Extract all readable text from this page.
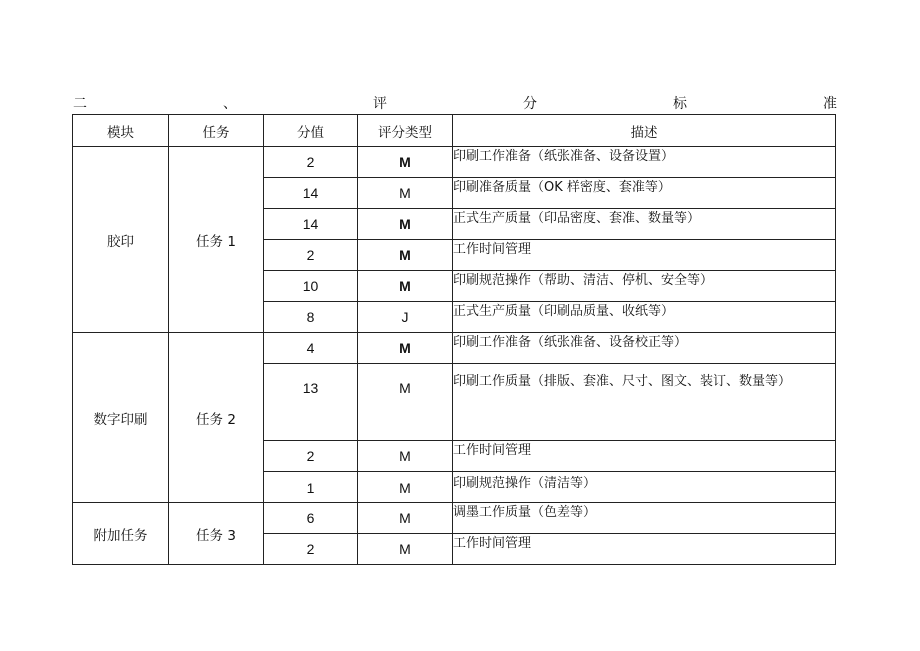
二	、	评	分	标	准
模块	任务	分值	评分类型	描述
胶印	任务 1	2	M	印刷工作准备（纸张准备、设备设置）
		14	M	印刷准备质量（OK 样密度、套准等）
		14	M	正式生产质量（印品密度、套准、数量等）
		2	M	工作时间管理
		10	M	印刷规范操作（帮助、清洁、停机、安全等）
		8	J	正式生产质量（印刷品质量、收纸等）
数字印刷	任务 2	4	M	印刷工作准备（纸张准备、设备校正等）
		13	M	印刷工作质量（排版、套准、尺寸、图文、装订、数量等）
		2	M	工作时间管理
		1	M	印刷规范操作（清洁等）
附加任务	任务 3	6	M	调墨工作质量（色差等）
		2	M	工作时间管理
